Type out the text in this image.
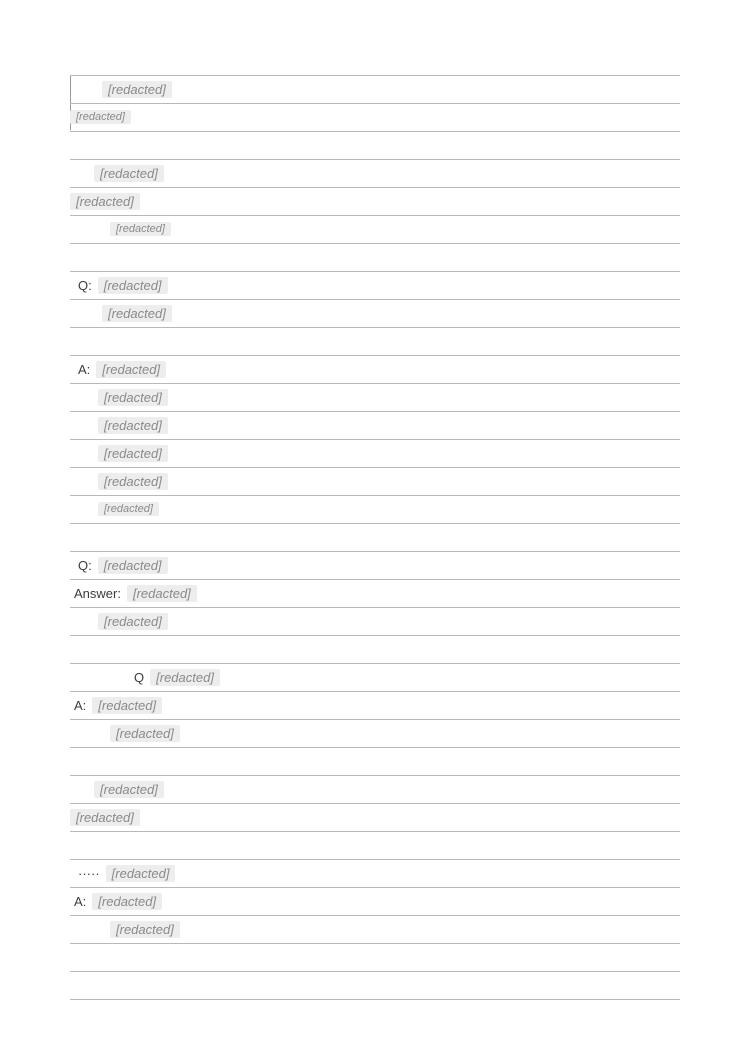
[redacted]
[redacted]
[redacted]
[redacted]
[redacted]
Q: [redacted]
[redacted]
A: [redacted]
[redacted]
[redacted]
[redacted]
[redacted]
[redacted]
Q: [redacted]
Answer: [redacted]
[redacted]
Q [redacted]
A: [redacted]
[redacted]
[redacted]
[redacted]
····· [redacted]
A: [redacted]
[redacted]
